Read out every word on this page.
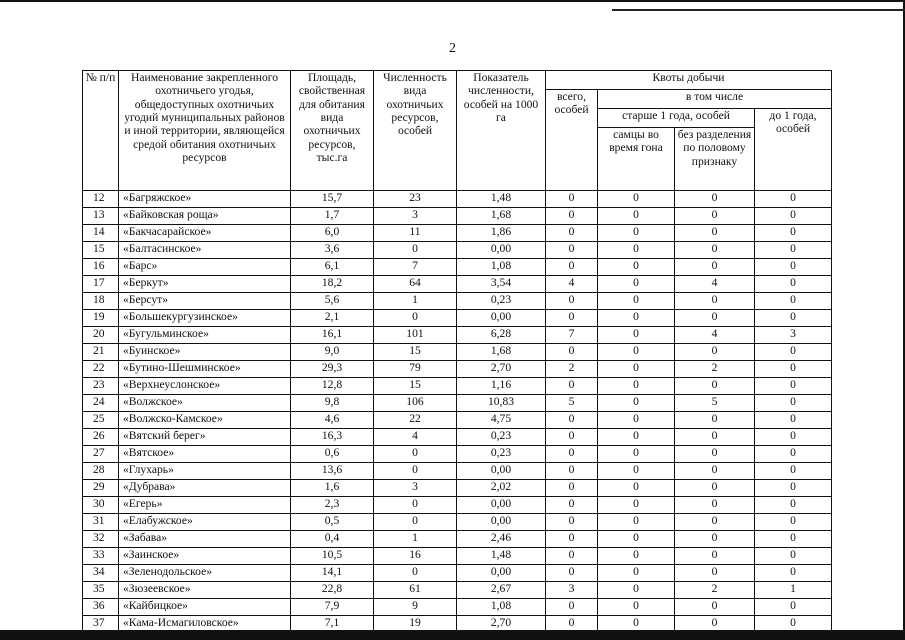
2
№ п/п	Наименование закрепленного охотничьего угодья, общедоступных охотничьих угодий муниципальных районов и иной территории, являющейся средой обитания охотничьих ресурсов	Площадь, свойственная для обитания вида охотничьих ресурсов, тыс.га	Численность вида охотничьих ресурсов, особей	Показатель численности, особей на 1000 га	Квоты добычи			
					всего, особей	в том числе		
						старше 1 года, особей		до 1 года, особей
						самцы во время гона	без разделения по половому признаку	
12	«Багряжское»	15,7	23	1,48	0	0	0	0
13	«Байковская роща»	1,7	3	1,68	0	0	0	0
14	«Бакчасарайское»	6,0	11	1,86	0	0	0	0
15	«Балтасинское»	3,6	0	0,00	0	0	0	0
16	«Барс»	6,1	7	1,08	0	0	0	0
17	«Беркут»	18,2	64	3,54	4	0	4	0
18	«Берсут»	5,6	1	0,23	0	0	0	0
19	«Большекургузинское»	2,1	0	0,00	0	0	0	0
20	«Бугульминское»	16,1	101	6,28	7	0	4	3
21	«Буинское»	9,0	15	1,68	0	0	0	0
22	«Бутино-Шешминское»	29,3	79	2,70	2	0	2	0
23	«Верхнеуслонское»	12,8	15	1,16	0	0	0	0
24	«Волжское»	9,8	106	10,83	5	0	5	0
25	«Волжско-Камское»	4,6	22	4,75	0	0	0	0
26	«Вятский берег»	16,3	4	0,23	0	0	0	0
27	«Вятское»	0,6	0	0,23	0	0	0	0
28	«Глухарь»	13,6	0	0,00	0	0	0	0
29	«Дубрава»	1,6	3	2,02	0	0	0	0
30	«Егерь»	2,3	0	0,00	0	0	0	0
31	«Елабужское»	0,5	0	0,00	0	0	0	0
32	«Забава»	0,4	1	2,46	0	0	0	0
33	«Заинское»	10,5	16	1,48	0	0	0	0
34	«Зеленодольское»	14,1	0	0,00	0	0	0	0
35	«Зюзеевское»	22,8	61	2,67	3	0	2	1
36	«Кайбицкое»	7,9	9	1,08	0	0	0	0
37	«Кама-Исмагиловское»	7,1	19	2,70	0	0	0	0
